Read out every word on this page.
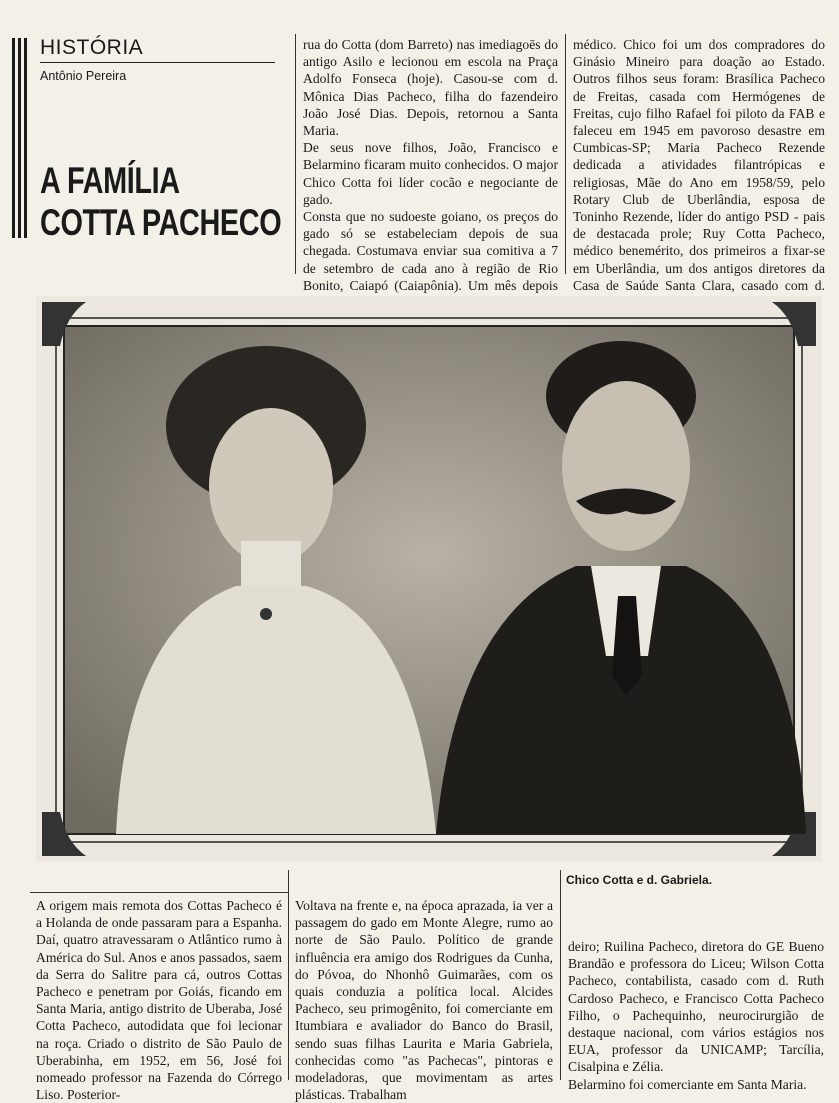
HISTÓRIA
Antônio Pereira
A FAMÍLIA
COTTA PACHECO

rua do Cotta (dom Barreto) nas imediagoēs do antigo Asilo e lecionou em escola na Praça Adolfo Fonseca (hoje). Casou-se com d. Mônica Dias Pacheco, filha do fazendeiro João José Dias. Depois, retornou a Santa Maria.

De seus nove filhos, João, Francisco e Belarmino ficaram muito conhecidos. O major Chico Cotta foi líder cocão e negociante de gado.

Consta que no sudoeste goiano, os preços do gado só se estabeleciam depois de sua chegada. Costumava enviar sua comitiva a 7 de setembro de cada ano à região de Rio Bonito, Caiapó (Caiapônia). Um mês depois

médico. Chico foi um dos compradores do Ginásio Mineiro para doação ao Estado. Outros filhos seus foram: Brasílica Pacheco de Freitas, casada com Hermógenes de Freitas, cujo filho Rafael foi piloto da FAB e faleceu em 1945 em pavoroso desastre em Cumbicas-SP; Maria Pacheco Rezende dedicada a atividades filantrópicas e religiosas, Mãe do Ano em 1958/59, pelo Rotary Club de Uberlândia, esposa de Toninho Rezende, líder do antigo PSD - pais de destacada prole; Ruy Cotta Pacheco, médico benemérito, dos primeiros a fixar-se em Uberlândia, um dos antigos diretores da Casa de Saúde Santa Clara, casado com d.

Chico Cotta e d. Gabriela.

A origem mais remota dos Cottas Pacheco é a Holanda de onde passaram para a Espanha. Daí, quatro atravessaram o Atlântico rumo à América do Sul. Anos e anos passados, saem da Serra do Salitre para cá, outros Cottas Pacheco e penetram por Goiás, ficando em Santa Maria, antigo distrito de Uberaba, José Cotta Pacheco, autodidata que foi lecionar na roça. Criado o distrito de São Paulo de Uberabinha, em 1952, em 56, José foi nomeado professor na Fazenda do Córrego Liso. Posterior-

Voltava na frente e, na época aprazada, ia ver a passagem do gado em Monte Alegre, rumo ao norte de São Paulo. Político de grande influência era amigo dos Rodrigues da Cunha, do Póvoa, do Nhonhô Guimarães, com os quais conduzia a política local. Alcides Pacheco, seu primogênito, foi comerciante em Itumbiara e avaliador do Banco do Brasil, sendo suas filhas Laurita e Maria Gabriela, conhecidas como "as Pachecas", pintoras e modeladoras, que movimentam as artes plásticas. Trabalham

deiro; Ruilina Pacheco, diretora do GE Bueno Brandão e professora do Liceu; Wilson Cotta Pacheco, contabilista, casado com d. Ruth Cardoso Pacheco, e Francisco Cotta Pacheco Filho, o Pachequinho, neurocirurgião de destaque nacional, com vários estágios nos EUA, professor da UNICAMP; Tarcília, Cisalpina e Zélia.

Belarmino foi comerciante em Santa Maria.
